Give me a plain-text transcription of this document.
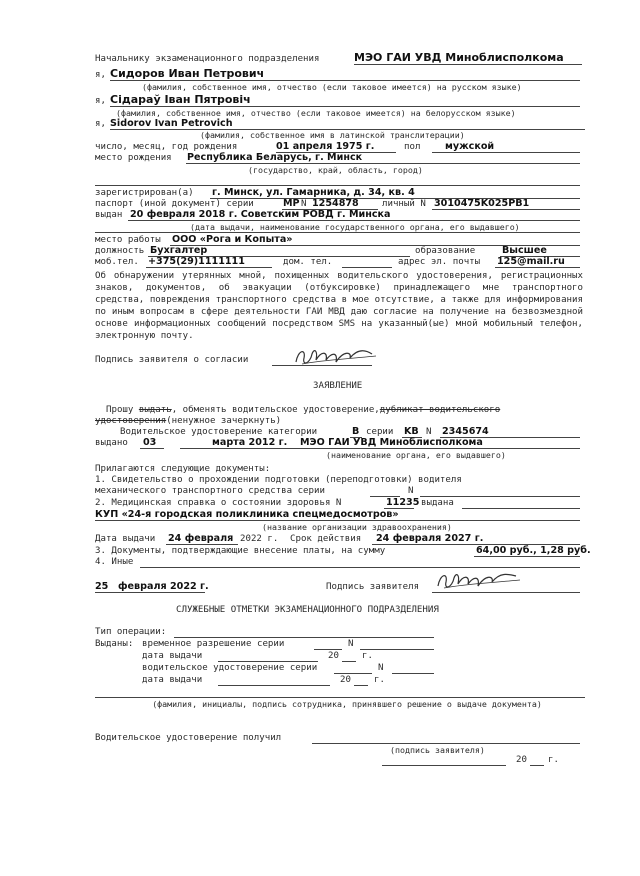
Начальнику экзаменационного подразделения	МЭО ГАИ УВД Миноблисполкома
я, Сидоров Иван Петрович
(фамилия, собственное имя, отчество (если таковое имеется) на русском языке)
я, Сідараў Іван Пятровіч
(фамилия, собственное имя, отчество (если таковое имеется) на белорусском языке)
я, Sidorov Ivan Petrovich
(фамилия, собственное имя в латинской транслитерации)
число, месяц, год рождения	01 апреля 1975 г.	пол	мужской
место рождения Республика Беларусь, г. Минск
(государство, край, область, город)
зарегистрирован(а) г. Минск, ул. Гамарника, д. 34, кв. 4
паспорт (иной документ) серии	МР N 1254878	личный N 3010475K025PB1
выдан 20 февраля 2018 г. Советским РОВД г. Минска
(дата выдачи, наименование государственного органа, его выдавшего)
место работы ООО «Рога и Копыта»
должность Бухгалтер	образование	Высшее
моб.тел. +375(29)1111111	дом. тел.	адрес эл. почты 125@mail.ru
Об обнаружении утерянных мной, похищенных водительского удостоверения, регистрационных знаков, документов, об эвакуации (отбуксировке) принадлежащего мне транспортного средства, повреждения транспортного средства в мое отсутствие, а также для информирования по иным вопросам в сфере деятельности ГАИ МВД даю согласие на получение на безвозмездной основе информационных сообщений посредством SMS на указанный(ые) мной мобильный телефон, электронную почту.
Подпись заявителя о согласии
ЗАЯВЛЕНИЕ
Прошу выдать, обменять водительское удостоверение,дубликат водительского
удостоверения(ненужное зачеркнуть)
Водительское удостоверение категории	B серии KB N 2345674
выдано 03	марта 2012 г. МЭО ГАИ УВД Миноблисполкома
(наименование органа, его выдавшего)
Прилагаются следующие документы:
1. Свидетельство о прохождении подготовки (переподготовки) водителя
механического транспортного средства серии	N
2. Медицинская справка о состоянии здоровья N	11235 выдана
КУП «24-я городская поликлиника спецмедосмотров»
(название организации здравоохранения)
Дата выдачи 24 февраля 2022 г. Срок действия 24 февраля 2027 г.
3. Документы, подтверждающие внесение платы, на сумму	64,00 руб., 1,28 руб.
4. Иные
25 февраля 2022 г.	Подпись заявителя
СЛУЖЕБНЫЕ ОТМЕТКИ ЭКЗАМЕНАЦИОННОГО ПОДРАЗДЕЛЕНИЯ
Тип операции:
Выданы: временное разрешение серии	N
дата выдачи	20	г.
водительское удостоверение серии	N
дата выдачи	20	г.
(фамилия, инициалы, подпись сотрудника, принявшего решение о выдаче документа)
Водительское удостоверение получил
(подпись заявителя)
20 г.
